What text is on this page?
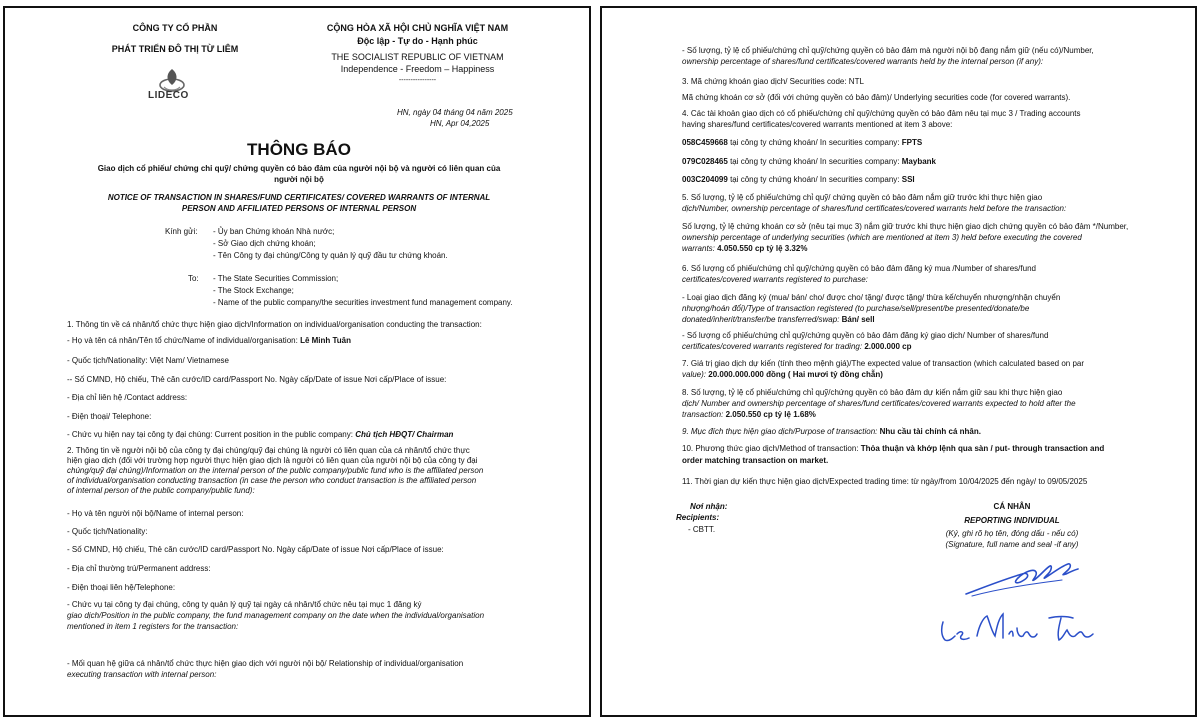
CÔNG TY CỔ PHẦN
PHÁT TRIỂN ĐÔ THỊ TỪ LIÊM
LIDECO
CỘNG HÒA XÃ HỘI CHỦ NGHĨA VIỆT NAM
Độc lập - Tự do - Hạnh phúc
THE SOCIALIST REPUBLIC OF VIETNAM
Independence - Freedom – Happiness
----------------
HN, ngày 04 tháng 04 năm 2025
HN, Apr 04,2025
THÔNG BÁO
Giao dịch cổ phiếu/ chứng chỉ quỹ/ chứng quyền có bảo đảm của người nội bộ và người có liên quan của
người nội bộ
NOTICE OF TRANSACTION IN SHARES/FUND CERTIFICATES/ COVERED WARRANTS OF INTERNAL
PERSON AND AFFILIATED PERSONS OF INTERNAL PERSON
Kính gửi: - Ủy ban Chứng khoán Nhà nước;
- Sở Giao dịch chứng khoán;
- Tên Công ty đại chúng/Công ty quản lý quỹ đầu tư chứng khoán.
To: - The State Securities Commission;
- The Stock Exchange;
- Name of the public company/the securities investment fund management company.
1. Thông tin về cá nhân/tổ chức thực hiện giao dịch/Information on individual/organisation conducting the transaction:
- Họ và tên cá nhân/Tên tổ chức/Name of individual/organisation: Lê Minh Tuân
- Quốc tịch/Nationality: Việt Nam/ Vietnamese
-- Số CMND, Hộ chiếu, Thẻ căn cước/ID card/Passport No. Ngày cấp/Date of issue Nơi cấp/Place of issue:
- Địa chỉ liên hệ /Contact address:
- Điện thoại/ Telephone:
- Chức vụ hiện nay tại công ty đại chúng: Current position in the public company: Chủ tịch HĐQT/ Chairman
2. Thông tin về người nội bộ của công ty đại chúng/quỹ đại chúng là người có liên quan của cá nhân/tổ chức thực
hiện giao dịch (đối với trường hợp người thực hiện giao dịch là người có liên quan của người nội bộ của công ty đại
chúng/quỹ đại chúng)/Information on the internal person of the public company/public fund who is the affiliated person
of individual/organisation conducting transaction (in case the person who conduct transaction is the affiliated person
of internal person of the public company/public fund):
- Họ và tên người nội bộ/Name of internal person:
- Quốc tịch/Nationality:
- Số CMND, Hộ chiếu, Thẻ căn cước/ID card/Passport No. Ngày cấp/Date of issue Nơi cấp/Place of issue:
- Địa chỉ thường trú/Permanent address:
- Điện thoại liên hệ/Telephone:
- Chức vụ tại công ty đại chúng, công ty quản lý quỹ tại ngày cá nhân/tổ chức nêu tại mục 1 đăng ký
giao dịch/Position in the public company, the fund management company on the date when the individual/organisation
mentioned in item 1 registers for the transaction:
- Mối quan hệ giữa cá nhân/tổ chức thực hiện giao dịch với người nội bộ/ Relationship of individual/organisation
executing transaction with internal person:
- Số lượng, tỷ lệ cổ phiếu/chứng chỉ quỹ/chứng quyền có bảo đảm mà người nội bộ đang nắm giữ (nếu có)/Number,
ownership percentage of shares/fund certificates/covered warrants held by the internal person (if any):
3. Mã chứng khoán giao dịch/ Securities code: NTL
Mã chứng khoán cơ sở (đối với chứng quyền có bảo đảm)/ Underlying securities code (for covered warrants).
4. Các tài khoản giao dịch có cổ phiếu/chứng chỉ quỹ/chứng quyền có bảo đảm nêu tại mục 3 / Trading accounts
having shares/fund certificates/covered warrants mentioned at item 3 above:
058C459668 tại công ty chứng khoán/ In securities company: FPTS
079C028465 tại công ty chứng khoán/ In securities company: Maybank
003C204099 tại công ty chứng khoán/ In securities company: SSI
5. Số lượng, tỷ lệ cổ phiếu/chứng chỉ quỹ/ chứng quyền có bảo đảm nắm giữ trước khi thực hiện giao
dịch/Number, ownership percentage of shares/fund certificates/covered warrants held before the transaction:
Số lượng, tỷ lệ chứng khoán cơ sở (nêu tại mục 3) nắm giữ trước khi thực hiện giao dịch chứng quyền có bảo đảm */Number,
ownership percentage of underlying securities (which are mentioned at item 3) held before executing the covered
warrants: 4.050.550 cp tỷ lệ 3.32%
6. Số lượng cổ phiếu/chứng chỉ quỹ/chứng quyền có bảo đảm đăng ký mua /Number of shares/fund
certificates/covered warrants registered to purchase:
- Loại giao dịch đăng ký (mua/ bán/ cho/ được cho/ tặng/ được tặng/ thừa kế/chuyển nhượng/nhận chuyển
nhượng/hoán đổi)/Type of transaction registered (to purchase/sell/present/be presented/donate/be
donated/inherit/transfer/be transferred/swap: Bán/ sell
- Số lượng cổ phiếu/chứng chỉ quỹ/chứng quyền có bảo đảm đăng ký giao dịch/ Number of shares/fund
certificates/covered warrants registered for trading: 2.000.000 cp
7. Giá trị giao dịch dự kiến (tính theo mệnh giá)/The expected value of transaction (which calculated based on par
value): 20.000.000.000 đồng ( Hai mươi tỷ đồng chẵn)
8. Số lượng, tỷ lệ cổ phiếu/chứng chỉ quỹ/chứng quyền có bảo đảm dự kiến nắm giữ sau khi thực hiện giao
dịch/ Number and ownership percentage of shares/fund certificates/covered warrants expected to hold after the
transaction: 2.050.550 cp tỷ lệ 1.68%
9. Mục đích thực hiện giao dịch/Purpose of transaction: Nhu cầu tài chính cá nhân.
10. Phương thức giao dịch/Method of transaction: Thỏa thuận và khớp lệnh qua sàn / put- through transaction and
order matching transaction on market.
11. Thời gian dự kiến thực hiện giao dịch/Expected trading time: từ ngày/from 10/04/2025 đến ngày/ to 09/05/2025
Nơi nhận:
Recipients:
- CBTT.
CÁ NHÂN
REPORTING INDIVIDUAL
(Ký, ghi rõ họ tên, đóng dấu - nếu có)
(Signature, full name and seal -if any)
